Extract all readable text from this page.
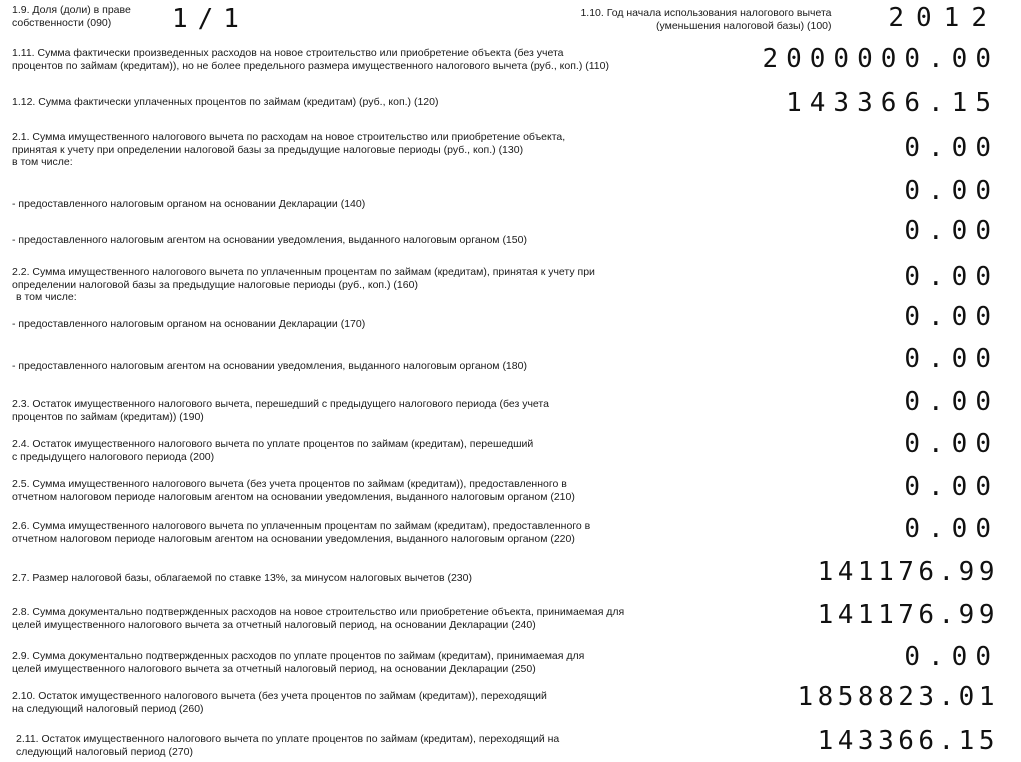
1.9. Доля (доли) в праве
собственности (090)	1/1	1.10. Год начала использования налогового вычета
(уменьшения налоговой базы) (100) 2012
1.11. Сумма фактически произведенных расходов на новое строительство или приобретение объекта (без учета
процентов по займам (кредитам)), но не более предельного размера имущественного налогового вычета (руб., коп.) (110)	2000000.00
1.12. Сумма фактически уплаченных процентов по займам (кредитам) (руб., коп.) (120)	143366.15
2.1. Сумма имущественного налогового вычета по расходам на новое строительство или приобретение объекта,
принятая к учету при определении налоговой базы за предыдущие налоговые периоды (руб., коп.) (130)
в том числе:	0.00
- предоставленного налоговым органом на основании Декларации (140)	0.00
- предоставленного налоговым агентом на основании уведомления, выданного налоговым органом (150)	0.00
2.2. Сумма имущественного налогового вычета по уплаченным процентам по займам (кредитам), принятая к учету при
определении налоговой базы за предыдущие налоговые периоды (руб., коп.) (160)
в том числе:
0.00
- предоставленного налоговым органом на основании Декларации (170)	0.00
- предоставленного налоговым агентом на основании уведомления, выданного налоговым органом (180)	0.00
2.3. Остаток имущественного налогового вычета, перешедший с предыдущего налогового периода (без учета
процентов по займам (кредитам)) (190)	0.00
2.4. Остаток имущественного налогового вычета по уплате процентов по займам (кредитам), перешедший
с предыдущего налогового периода (200)	0.00
2.5. Сумма имущественного налогового вычета (без учета процентов по займам (кредитам)), предоставленного в
отчетном налоговом периоде налоговым агентом на основании уведомления, выданного налоговым органом (210)	0.00
2.6. Сумма имущественного налогового вычета по уплаченным процентам по займам (кредитам), предоставленного в
отчетном налоговом периоде налоговым агентом на основании уведомления, выданного налоговым органом (220)	0.00
2.7. Размер налоговой базы, облагаемой по ставке 13%, за минусом налоговых вычетов (230)	141176.99
2.8. Сумма документально подтвержденных расходов на новое строительство или приобретение объекта, принимаемая для
целей имущественного налогового вычета за отчетный налоговый период, на основании Декларации (240)	141176.99
2.9. Сумма документально подтвержденных расходов по уплате процентов по займам (кредитам), принимаемая для
целей имущественного налогового вычета за отчетный налоговый период, на основании Декларации (250)	0.00
2.10. Остаток имущественного налогового вычета (без учета процентов по займам (кредитам)), переходящий
на следующий налоговый период (260)	1858823.01
2.11. Остаток имущественного налогового вычета по уплате процентов по займам (кредитам), переходящий на
следующий налоговый период (270)	143366.15
